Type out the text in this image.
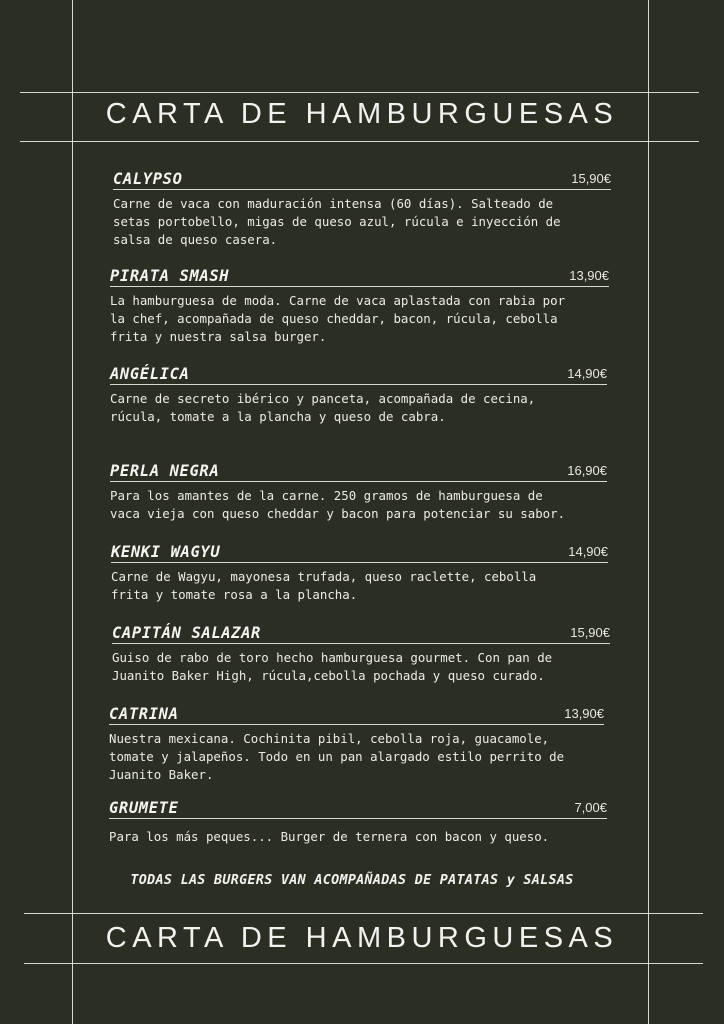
CARTA DE HAMBURGUESAS
CALYPSO	15,90€
Carne de vaca con maduración intensa (60 días). Salteado de
setas portobello, migas de queso azul, rúcula e inyección de
salsa de queso casera.
PIRATA SMASH	13,90€
La hamburguesa de moda. Carne de vaca aplastada con rabia por
la chef, acompañada de queso cheddar, bacon, rúcula, cebolla
frita y nuestra salsa burger.
ANGÉLICA	14,90€
Carne de secreto ibérico y panceta, acompañada de cecina,
rúcula, tomate a la plancha y queso de cabra.
PERLA NEGRA	16,90€
Para los amantes de la carne. 250 gramos de hamburguesa de
vaca vieja con queso cheddar y bacon para potenciar su sabor.
KENKI WAGYU	14,90€
Carne de Wagyu, mayonesa trufada, queso raclette, cebolla
frita y tomate rosa a la plancha.
CAPITÁN SALAZAR	15,90€
Guiso de rabo de toro hecho hamburguesa gourmet. Con pan de
Juanito Baker High, rúcula,cebolla pochada y queso curado.
CATRINA	13,90€
Nuestra mexicana. Cochinita pibil, cebolla roja, guacamole,
tomate y jalapeños. Todo en un pan alargado estilo perrito de
Juanito Baker.
GRUMETE	7,00€
Para los más peques... Burger de ternera con bacon y queso.
TODAS LAS BURGERS VAN ACOMPAÑADAS DE PATATAS y SALSAS
CARTA DE HAMBURGUESAS
